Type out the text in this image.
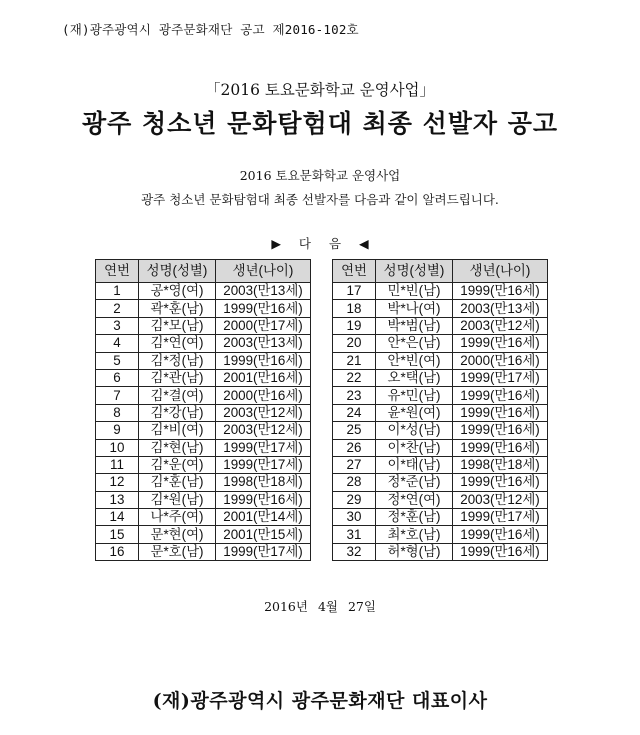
(재)광주광역시 광주문화재단 공고 제2016-102호
「2016 토요문화학교 운영사업」
광주 청소년 문화탐험대 최종 선발자 공고
2016 토요문화학교 운영사업
광주 청소년 문화탐험대 최종 선발자를 다음과 같이 알려드립니다.
▶ 다 음 ◀
연번	성명(성별)	생년(나이)
1	공*영(여)	2003(만13세)
2	곽*훈(남)	1999(만16세)
3	김*모(남)	2000(만17세)
4	김*연(여)	2003(만13세)
5	김*정(남)	1999(만16세)
6	김*관(남)	2001(만16세)
7	김*결(여)	2000(만16세)
8	김*강(남)	2003(만12세)
9	김*비(여)	2003(만12세)
10	김*현(남)	1999(만17세)
11	김*운(여)	1999(만17세)
12	김*훈(남)	1998(만18세)
13	김*원(남)	1999(만16세)
14	나*주(여)	2001(만14세)
15	문*현(여)	2001(만15세)
16	문*호(남)	1999(만17세)
연번	성명(성별)	생년(나이)
17	민*빈(남)	1999(만16세)
18	박*나(여)	2003(만13세)
19	박*범(남)	2003(만12세)
20	안*은(남)	1999(만16세)
21	안*빈(여)	2000(만16세)
22	오*택(남)	1999(만17세)
23	유*민(남)	1999(만16세)
24	윤*원(여)	1999(만16세)
25	이*성(남)	1999(만16세)
26	이*찬(남)	1999(만16세)
27	이*태(남)	1998(만18세)
28	정*준(남)	1999(만16세)
29	정*연(여)	2003(만12세)
30	정*훈(남)	1999(만17세)
31	최*호(남)	1999(만16세)
32	허*형(남)	1999(만16세)
2016년 4월 27일
(재)광주광역시 광주문화재단 대표이사
